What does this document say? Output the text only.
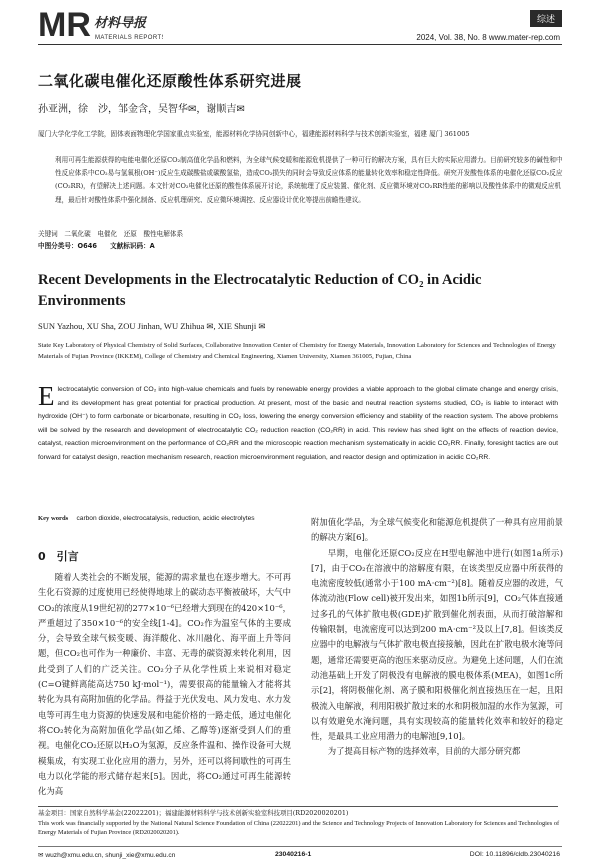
MR 材料导报
MATERIALS REPORTS
综述
2024, Vol. 38, No. 8 www.mater-rep.com
二氧化碳电催化还原酸性体系研究进展
孙亚洲，徐　沙，邹金含，吴智华✉，谢顺吉✉
厦门大学化学化工学院，固体表面物理化学国家重点实验室，能源材料化学协同创新中心，福建能源材料科学与技术创新实验室，福建 厦门 361005
利用可再生能源获得的电能电催化还原CO₂制高值化学品和燃料，为全球气候变暖和能源危机提供了一种可行的解决方案，具有巨大的实际应用潜力。目前研究较多的碱性和中性反应体系中CO₂易与氢氧根(OH⁻)反应生成碳酸盐或碳酸氢盐，造成CO₂损失的同时会导致反应体系的能量转化效率和稳定性降低。研究开发酸性体系的电催化还原CO₂反应(CO₂RR)，有望解决上述问题。本文针对CO₂电催化还原的酸性体系展开讨论，系统梳理了反应装置、催化剂、反应微环境对CO₂RR性能的影响以及酸性体系中的微观反应机理，最后针对酸性体系中强化制备、反应机理研究、反应微环境调控、反应器设计优化等提出前瞻性建议。
关键词　二氧化碳　电催化　还原　酸性电解体系
中图分类号：O646　　文献标识码：A
Recent Developments in the Electrocatalytic Reduction of CO₂ in Acidic Environments
SUN Yazhou, XU Sha, ZOU Jinhan, WU Zhihua ✉, XIE Shunji ✉
State Key Laboratory of Physical Chemistry of Solid Surfaces, Collaborative Innovation Center of Chemistry for Energy Materials, Innovation Laboratory for Sciences and Technologies of Energy Materials of Fujian Province (IKKEM), College of Chemistry and Chemical Engineering, Xiamen University, Xiamen 361005, Fujian, China
Electrocatalytic conversion of CO₂ into high-value chemicals and fuels by renewable energy provides a viable approach to the global climate change and energy crisis, and its development has great potential for practical production. At present, most of the basic and neutral reaction systems studied, CO₂ is liable to interact with hydroxide (OH⁻) to form carbonate or bicarbonate, resulting in CO₂ loss, lowering the energy conversion efficiency and stability of the reaction system. The above problems will be solved by the research and development of electrocatalytic CO₂ reduction reaction (CO₂RR) in acid. This review has shed light on the effects of reaction device, catalyst, reaction microenvironment on the performance of CO₂RR and the microscopic reaction mechanism systematically in acidic CO₂RR. Finally, foresight tactics are out forward for catalyst design, reaction mechanism research, reaction microenvironment regulation, and reactor design and optimization in acidic CO₂RR.
Key words carbon dioxide, electrocatalysis, reduction, acidic electrolytes
0　引言

随着人类社会的不断发展，能源的需求量也在逐步增大。不可再生化石资源的过度使用已经使得地球上的碳动态平衡被破坏，大气中CO₂的浓度从19世纪初的277×10⁻⁶已经增大到现在的420×10⁻⁶，严重超过了350×10⁻⁶的安全线[1-4]。CO₂作为温室气体的主要成分，会导致全球气候变暖、海洋酸化、冰川融化、海平面上升等问题，但CO₂也可作为一种廉价、丰富、无毒的碳资源来转化利用，因此受到了人们的广泛关注。CO₂分子从化学性质上来说相对稳定(C=O键鲜离能高达750 kJ·mol⁻¹)，需要很高的能量输入才能将其转化为具有高附加值的化学品。得益于光伏发电、风力发电、水力发电等可再生电力资源的快速发展和电能价格的一路走低，通过电催化将CO₂转化为高附加值化学品(如乙烯、乙醇等)逐渐受到人们的重视。电催化CO₂还原以H₂O为氢源，反应条件温和、操作设备可大规模集成，有实现工业化应用的潜力，另外，还可以将间歇性的可再生电力以化学能的形式储存起来[5]。因此，将CO₂通过可再生能源转化为高

附加值化学品，为全球气候变化和能源危机提供了一种具有应用前景的解决方案[6]。

早期，电催化还原CO₂反应在H型电解池中进行(如图1a所示)[7]，由于CO₂在溶液中的溶解度有限，在该类型反应器中所获得的电流密度较低(通常小于100 mA·cm⁻²)[8]。随着反应器的改进，气体流动池(Flow cell)被开发出来，如图1b所示[9]，CO₂气体直接通过多孔的气体扩散电极(GDE)扩散到催化剂表面，从而打破溶解和传输限制，电流密度可以达到200 mA·cm⁻²及以上[7,8]。但该类反应器中的电解液与气体扩散电极直接接触，因此在扩散电极水淹等问题，通常还需要更高的泡压来驱动反应。为避免上述问题，人们在流动池基础上开发了阴极没有电解液的膜电极体系(MEA)，如图1c所示[2]，将阴极催化剂、离子膜和阳极催化剂直接热压在一起，且阳极流入电解液，利用阳极扩散过来的水和阴极加湿的水作为氢源，可以有效避免水淹问题，具有实现较高的能量转化效率和较好的稳定性，是最具工业应用潜力的电解池[9,10]。

为了提高目标产物的选择效率，目前的大部分研究都

基金项目：国家自然科学基金(22022201)；福建能源材料科学与技术创新实验室科技项目(RD2020020201)
This work was financially supported by the National Natural Science Foundation of China (22022201) and the Science and Technology Projects of Innovation Laboratory for Sciences and Technologies of Energy Materials of Fujian Province (RD2020020201).
✉ wuzh@xmu.edu.cn, shunji_xie@xmu.edu.cn	23040216-1	DOI: 10.11896/cldb.23040216
